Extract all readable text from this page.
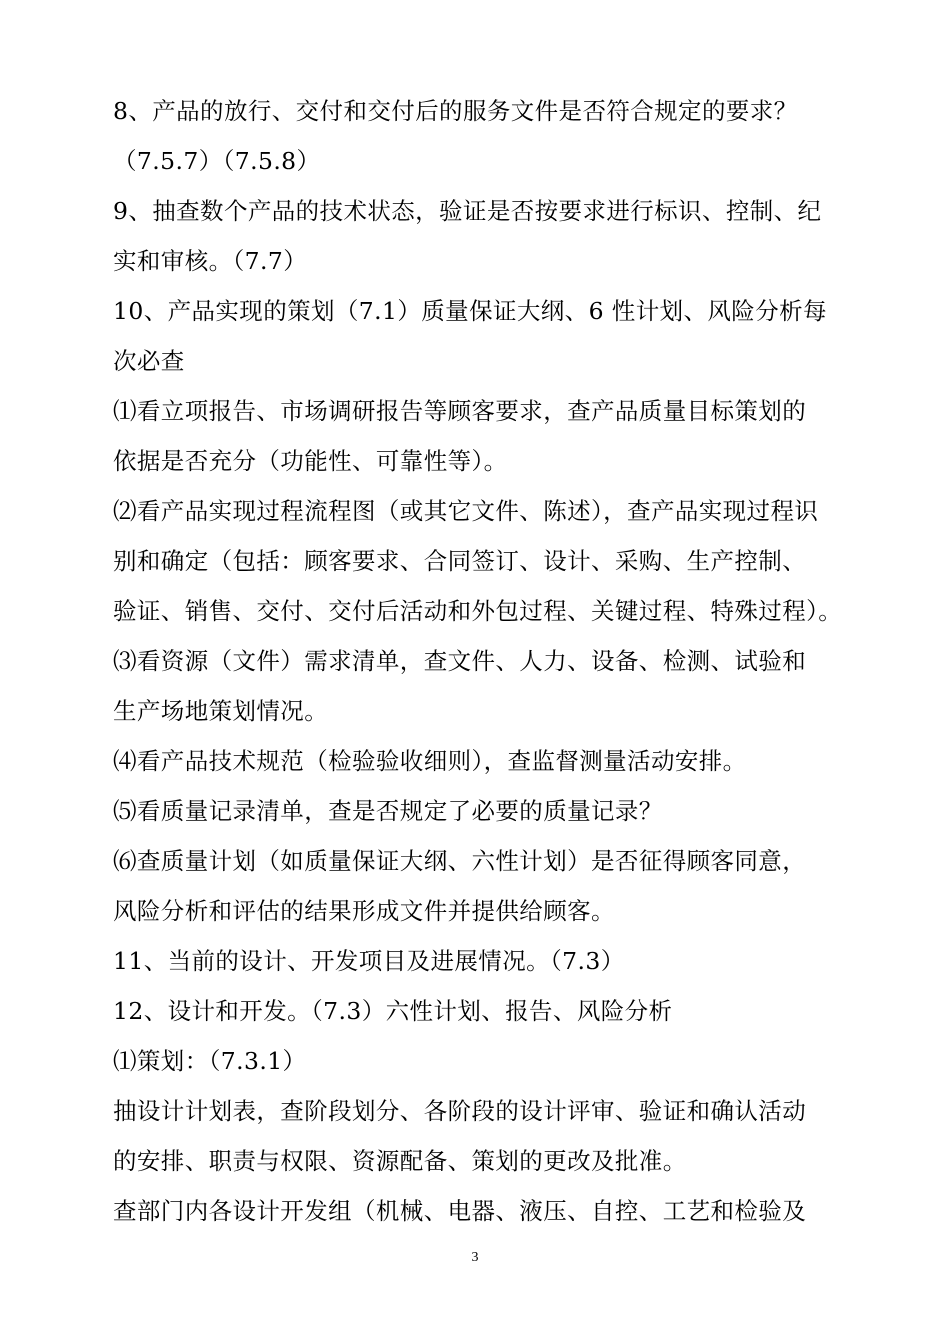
8、产品的放行、交付和交付后的服务文件是否符合规定的要求？
（7.5.7）（7.5.8）
9、抽查数个产品的技术状态，验证是否按要求进行标识、控制、纪
实和审核。（7.7）
10、产品实现的策划（7.1）质量保证大纲、6 性计划、风险分析每
次必查
⑴看立项报告、市场调研报告等顾客要求，查产品质量目标策划的
依据是否充分（功能性、可靠性等）。
⑵看产品实现过程流程图（或其它文件、陈述），查产品实现过程识
别和确定（包括：顾客要求、合同签订、设计、采购、生产控制、
验证、销售、交付、交付后活动和外包过程、关键过程、特殊过程）。
⑶看资源（文件）需求清单，查文件、人力、设备、检测、试验和
生产场地策划情况。
⑷看产品技术规范（检验验收细则），查监督测量活动安排。
⑸看质量记录清单，查是否规定了必要的质量记录？
⑹查质量计划（如质量保证大纲、六性计划）是否征得顾客同意，
风险分析和评估的结果形成文件并提供给顾客。
11、当前的设计、开发项目及进展情况。（7.3）
12、设计和开发。（7.3）六性计划、报告、风险分析
⑴策划：（7.3.1）
抽设计计划表，查阶段划分、各阶段的设计评审、验证和确认活动
的安排、职责与权限、资源配备、策划的更改及批准。
查部门内各设计开发组（机械、电器、液压、自控、工艺和检验及
3
